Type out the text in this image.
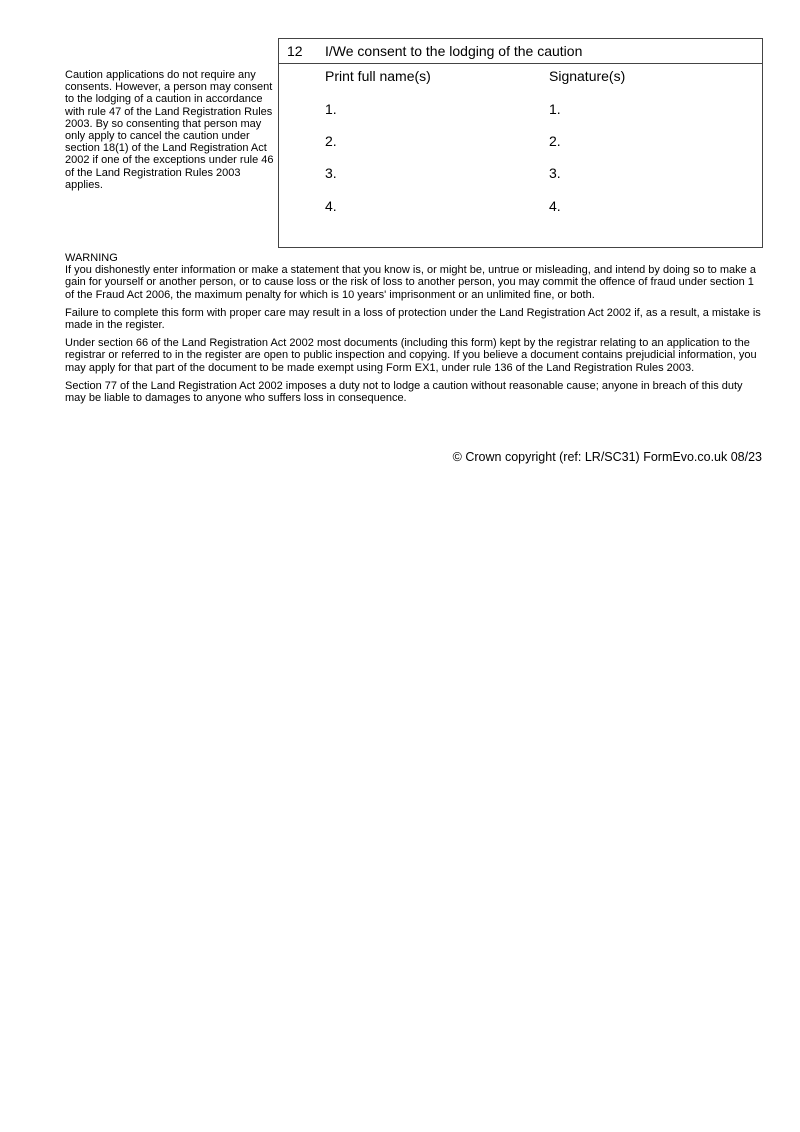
Caution applications do not require any consents. However, a person may consent to the lodging of a caution in accordance with rule 47 of the Land Registration Rules 2003. By so consenting that person may only apply to cancel the caution under section 18(1) of the Land Registration Act 2002 if one of the exceptions under rule 46 of the Land Registration Rules 2003 applies.
12 I/We consent to the lodging of the caution
Print full name(s)	Signature(s)
1.
2.
3.
4.
1.
2.
3.
4.

WARNING

If you dishonestly enter information or make a statement that you know is, or might be, untrue or misleading, and intend by doing so to make a gain for yourself or another person, or to cause loss or the risk of loss to another person, you may commit the offence of fraud under section 1 of the Fraud Act 2006, the maximum penalty for which is 10 years' imprisonment or an unlimited fine, or both.

Failure to complete this form with proper care may result in a loss of protection under the Land Registration Act 2002 if, as a result, a mistake is made in the register.

Under section 66 of the Land Registration Act 2002 most documents (including this form) kept by the registrar relating to an application to the registrar or referred to in the register are open to public inspection and copying. If you believe a document contains prejudicial information, you may apply for that part of the document to be made exempt using Form EX1, under rule 136 of the Land Registration Rules 2003.

Section 77 of the Land Registration Act 2002 imposes a duty not to lodge a caution without reasonable cause; anyone in breach of this duty may be liable to damages to anyone who suffers loss in consequence.

© Crown copyright (ref: LR/SC31) FormEvo.co.uk 08/23
